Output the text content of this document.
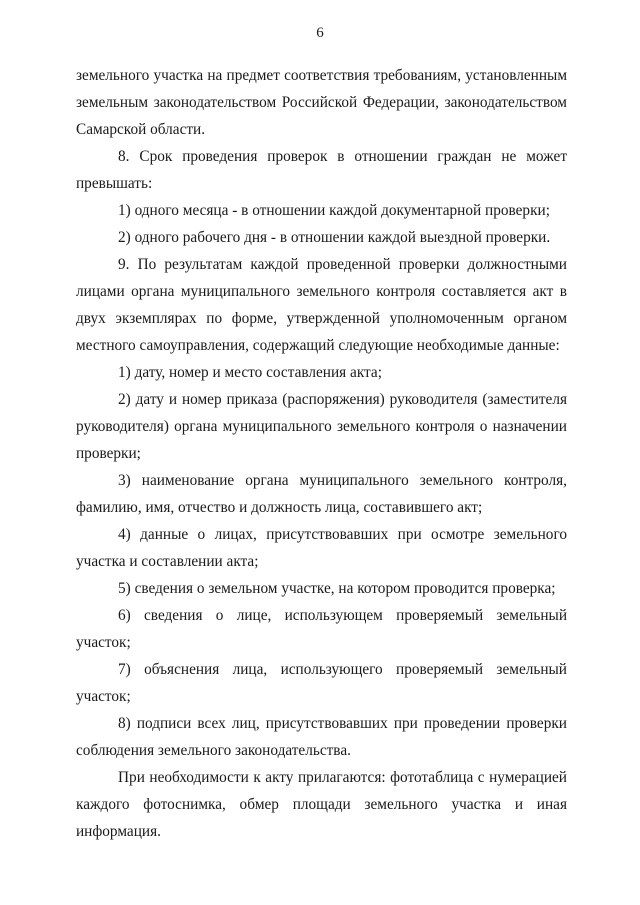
6

земельного участка на предмет соответствия требованиям, установленным земельным законодательством Российской Федерации, законодательством Самарской области.

8. Срок проведения проверок в отношении граждан не может превышать:

1) одного месяца - в отношении каждой документарной проверки;

2) одного рабочего дня - в отношении каждой выездной проверки.

9. По результатам каждой проведенной проверки должностными лицами органа муниципального земельного контроля составляется акт в двух экземплярах по форме, утвержденной уполномоченным органом местного самоуправления, содержащий следующие необходимые данные:

1) дату, номер и место составления акта;

2) дату и номер приказа (распоряжения) руководителя (заместителя руководителя) органа муниципального земельного контроля о назначении проверки;

3) наименование органа муниципального земельного контроля, фамилию, имя, отчество и должность лица, составившего акт;

4) данные о лицах, присутствовавших при осмотре земельного участка и составлении акта;

5) сведения о земельном участке, на котором проводится проверка;

6) сведения о лице, использующем проверяемый земельный участок;

7) объяснения лица, использующего проверяемый земельный участок;

8) подписи всех лиц, присутствовавших при проведении проверки соблюдения земельного законодательства.

При необходимости к акту прилагаются: фототаблица с нумерацией каждого фотоснимка, обмер площади земельного участка и иная информация.
